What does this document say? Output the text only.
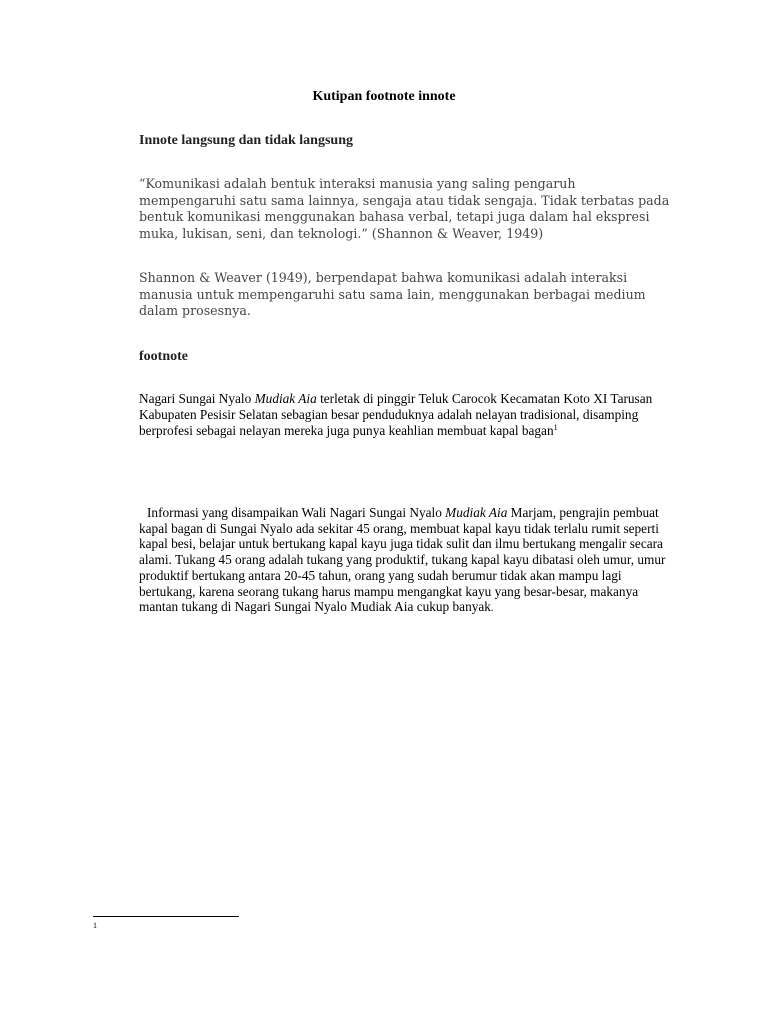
Kutipan footnote innote
Innote langsung dan tidak langsung
“Komunikasi adalah bentuk interaksi manusia yang saling pengaruh mempengaruhi satu sama lainnya, sengaja atau tidak sengaja. Tidak terbatas pada bentuk komunikasi menggunakan bahasa verbal, tetapi juga dalam hal ekspresi muka, lukisan, seni, dan teknologi.” (Shannon & Weaver, 1949)
Shannon & Weaver (1949), berpendapat bahwa komunikasi adalah interaksi manusia untuk mempengaruhi satu sama lain, menggunakan berbagai medium dalam prosesnya.
footnote
Nagari Sungai Nyalo Mudiak Aia terletak di pinggir Teluk Carocok Kecamatan Koto XI Tarusan Kabupaten Pesisir Selatan sebagian besar penduduknya adalah nelayan tradisional, disamping berprofesi sebagai nelayan mereka juga punya keahlian membuat kapal bagan$^1$
Informasi yang disampaikan Wali Nagari Sungai Nyalo Mudiak Aia Marjam, pengrajin pembuat kapal bagan di Sungai Nyalo ada sekitar 45 orang, membuat kapal kayu tidak terlalu rumit seperti kapal besi, belajar untuk bertukang kapal kayu juga tidak sulit dan ilmu bertukang mengalir secara alami. Tukang 45 orang adalah tukang yang produktif, tukang kapal kayu dibatasi oleh umur, umur produktif bertukang antara 20-45 tahun, orang yang sudah berumur tidak akan mampu lagi bertukang, karena seorang tukang harus mampu mengangkat kayu yang besar-besar, makanya mantan tukang di Nagari Sungai Nyalo Mudiak Aia cukup banyak.
1
